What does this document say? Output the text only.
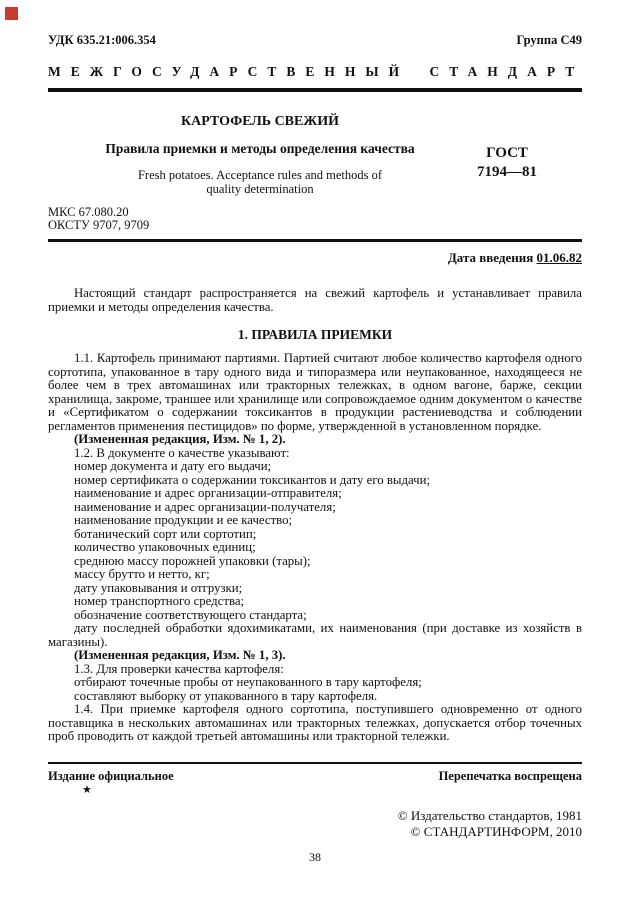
УДК 635.21:006.354	Группа С49
МЕЖГОСУДАРСТВЕННЫЙ СТАНДАРТ
КАРТОФЕЛЬ СВЕЖИЙ
Правила приемки и методы определения качества
Fresh potatoes. Acceptance rules and methods of
quality determination
ГОСТ
7194—81
МКС 67.080.20
ОКСТУ 9707, 9709
Дата введения 01.06.82

Настоящий стандарт распространяется на свежий картофель и устанавливает правила приемки и методы определения качества.

1. ПРАВИЛА ПРИЕМКИ

1.1. Картофель принимают партиями. Партией считают любое количество картофеля одного сортотипа, упакованное в тару одного вида и типоразмера или неупакованное, находящееся не более чем в трех автомашинах или тракторных тележках, в одном вагоне, барже, секции хранилища, закроме, траншее или хранилище или сопровождаемое одним документом о качестве и «Сертификатом о содержании токсикантов в продукции растениеводства и соблюдении регламентов применения пестицидов» по форме, утвержденной в установленном порядке.

(Измененная редакция, Изм. № 1, 2).

1.2. В документе о качестве указывают:

номер документа и дату его выдачи;

номер сертификата о содержании токсикантов и дату его выдачи;

наименование и адрес организации-отправителя;

наименование и адрес организации-получателя;

наименование продукции и ее качество;

ботанический сорт или сортотип;

количество упаковочных единиц;

среднюю массу порожней упаковки (тары);

массу брутто и нетто, кг;

дату упаковывания и отгрузки;

номер транспортного средства;

обозначение соответствующего стандарта;

дату последней обработки ядохимикатами, их наименования (при доставке из хозяйств в магазины).

(Измененная редакция, Изм. № 1, 3).

1.3. Для проверки качества картофеля:

отбирают точечные пробы от неупакованного в тару картофеля;

составляют выборку от упакованного в тару картофеля.

1.4. При приемке картофеля одного сортотипа, поступившего одновременно от одного поставщика в нескольких автомашинах или тракторных тележках, допускается отбор точечных проб проводить от каждой третьей автомашины или тракторной тележки.

Издание официальное	Перепечатка воспрещена
★
© Издательство стандартов, 1981
© СТАНДАРТИНФОРМ, 2010
38
